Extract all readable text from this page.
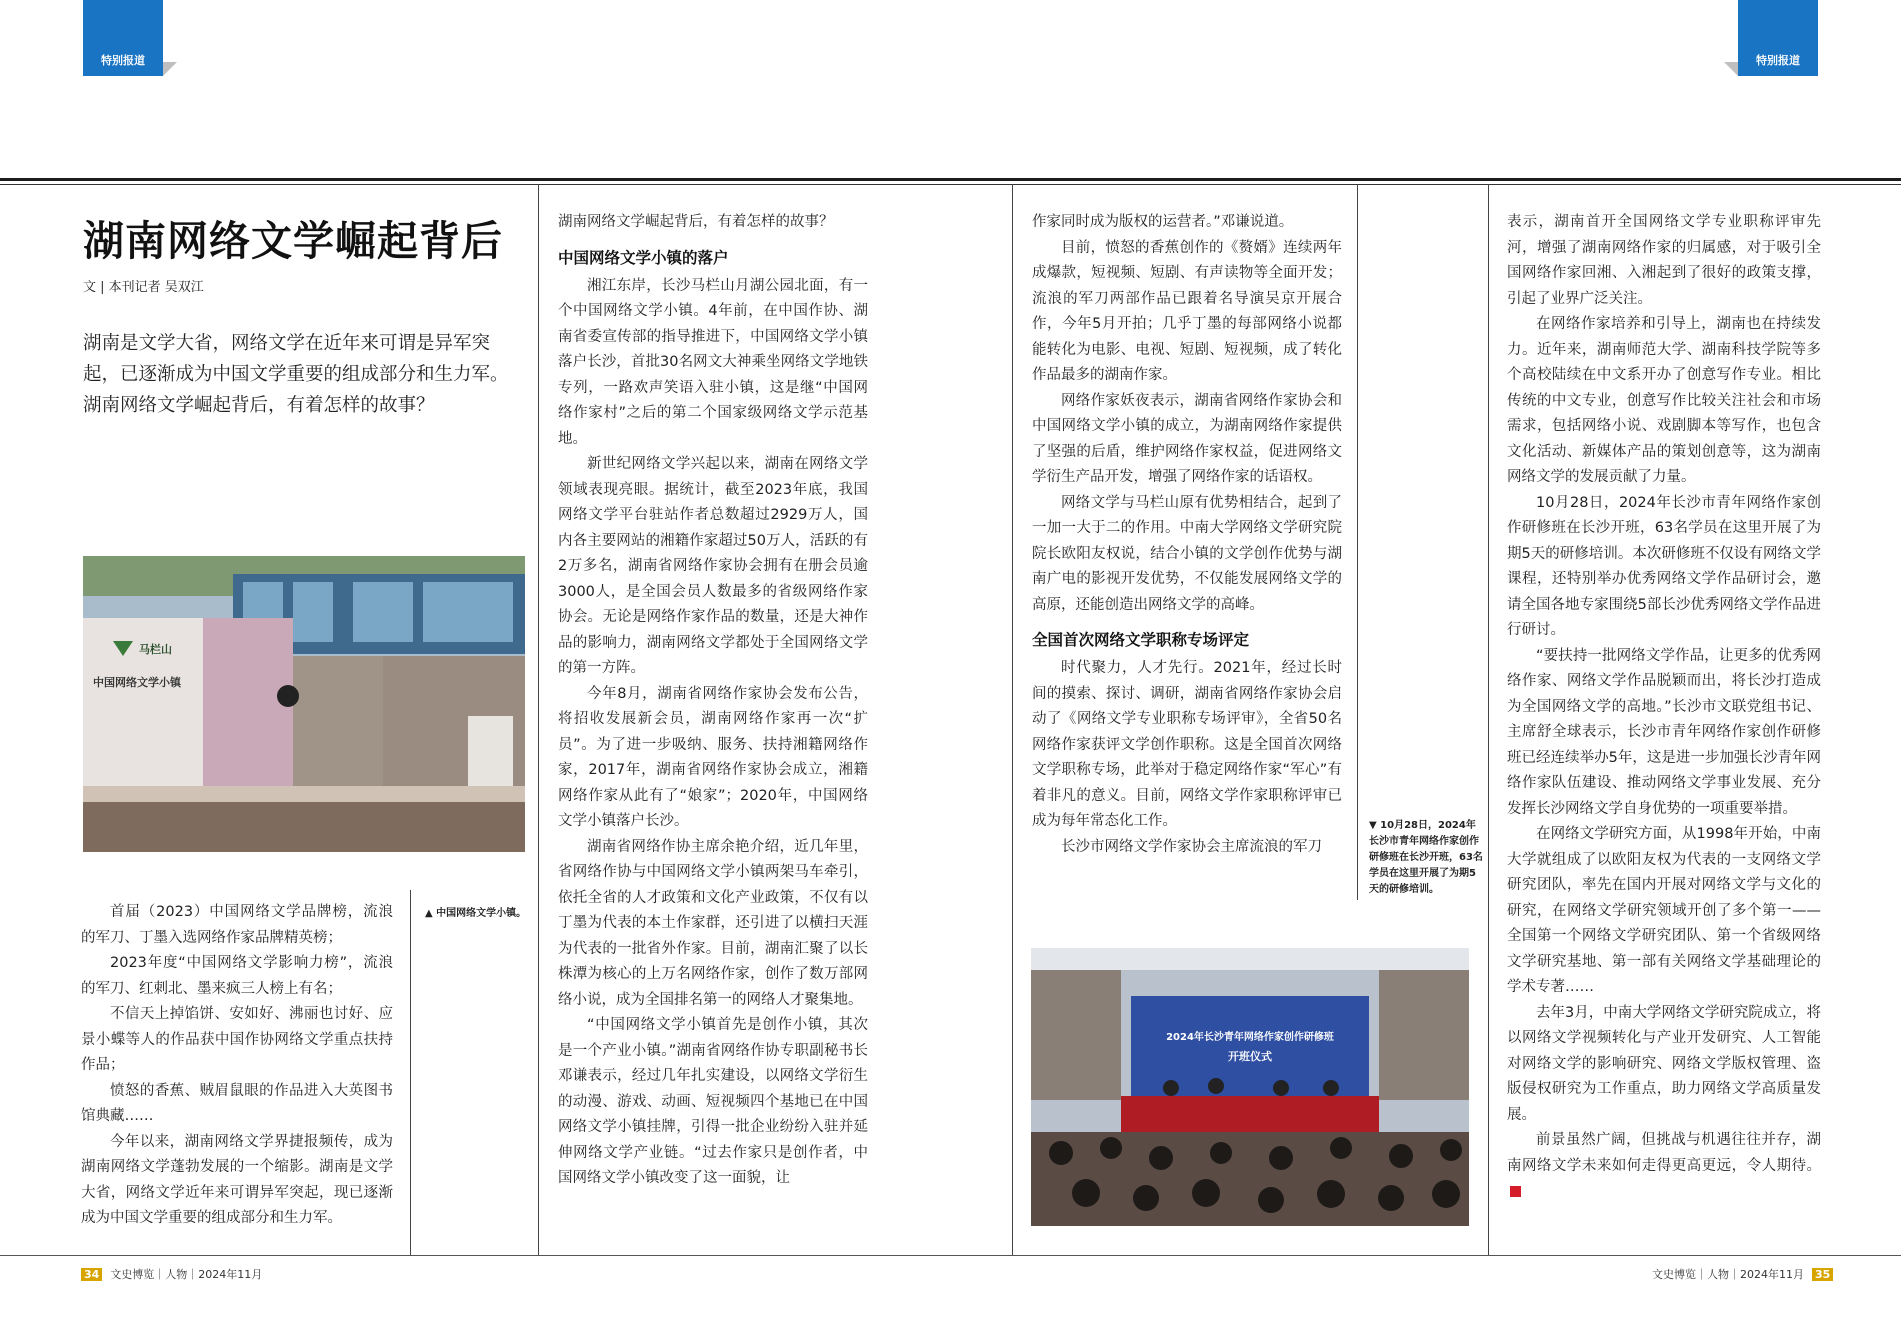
特别报道	特别报道
湖南网络文学崛起背后
文 | 本刊记者 吴双江
湖南是文学大省，网络文学在近年来可谓是异军突起，已逐渐成为中国文学重要的组成部分和生力军。湖南网络文学崛起背后，有着怎样的故事？
马栏山
中国网络文学小镇
▲ 中国网络文学小镇。
2024年长沙青年网络作家创作研修班
开班仪式
▼ 10月28日，2024年长沙市青年网络作家创作研修班在长沙开班，63名学员在这里开展了为期5天的研修培训。

首届（2023）中国网络文学品牌榜，流浪的军刀、丁墨入选网络作家品牌精英榜；

2023年度“中国网络文学影响力榜”，流浪的军刀、红刺北、墨来疯三人榜上有名；

不信天上掉馅饼、安如好、沸丽也讨好、应景小蝶等人的作品获中国作协网络文学重点扶持作品；

愤怒的香蕉、贼眉鼠眼的作品进入大英图书馆典藏……

今年以来，湖南网络文学界捷报频传，成为湖南网络文学蓬勃发展的一个缩影。湖南是文学大省，网络文学近年来可谓异军突起，现已逐渐成为中国文学重要的组成部分和生力军。

湖南网络文学崛起背后，有着怎样的故事？

中国网络文学小镇的落户

湘江东岸，长沙马栏山月湖公园北面，有一个中国网络文学小镇。4年前，在中国作协、湖南省委宣传部的指导推进下，中国网络文学小镇落户长沙，首批30名网文大神乘坐网络文学地铁专列，一路欢声笑语入驻小镇，这是继“中国网络作家村”之后的第二个国家级网络文学示范基地。

新世纪网络文学兴起以来，湖南在网络文学领域表现亮眼。据统计，截至2023年底，我国网络文学平台驻站作者总数超过2929万人，国内各主要网站的湘籍作家超过50万人，活跃的有2万多名，湖南省网络作家协会拥有在册会员逾3000人，是全国会员人数最多的省级网络作家协会。无论是网络作家作品的数量，还是大神作品的影响力，湖南网络文学都处于全国网络文学的第一方阵。

今年8月，湖南省网络作家协会发布公告，将招收发展新会员，湖南网络作家再一次“扩员”。为了进一步吸纳、服务、扶持湘籍网络作家，2017年，湖南省网络作家协会成立，湘籍网络作家从此有了“娘家”；2020年，中国网络文学小镇落户长沙。

湖南省网络作协主席余艳介绍，近几年里，省网络作协与中国网络文学小镇两架马车牵引，依托全省的人才政策和文化产业政策，不仅有以丁墨为代表的本土作家群，还引进了以横扫天涯为代表的一批省外作家。目前，湖南汇聚了以长株潭为核心的上万名网络作家，创作了数万部网络小说，成为全国排名第一的网络人才聚集地。

“中国网络文学小镇首先是创作小镇，其次是一个产业小镇。”湖南省网络作协专职副秘书长邓谦表示，经过几年扎实建设，以网络文学衍生的动漫、游戏、动画、短视频四个基地已在中国网络文学小镇挂牌，引得一批企业纷纷入驻并延伸网络文学产业链。“过去作家只是创作者，中国网络文学小镇改变了这一面貌，让

作家同时成为版权的运营者。”邓谦说道。

目前，愤怒的香蕉创作的《赘婿》连续两年成爆款，短视频、短剧、有声读物等全面开发；流浪的军刀两部作品已跟着名导演吴京开展合作，今年5月开拍；几乎丁墨的每部网络小说都能转化为电影、电视、短剧、短视频，成了转化作品最多的湖南作家。

网络作家妖夜表示，湖南省网络作家协会和中国网络文学小镇的成立，为湖南网络作家提供了坚强的后盾，维护网络作家权益，促进网络文学衍生产品开发，增强了网络作家的话语权。

网络文学与马栏山原有优势相结合，起到了一加一大于二的作用。中南大学网络文学研究院院长欧阳友权说，结合小镇的文学创作优势与湖南广电的影视开发优势，不仅能发展网络文学的高原，还能创造出网络文学的高峰。

全国首次网络文学职称专场评定

时代聚力，人才先行。2021年，经过长时间的摸索、探讨、调研，湖南省网络作家协会启动了《网络文学专业职称专场评审》，全省50名网络作家获评文学创作职称。这是全国首次网络文学职称专场，此举对于稳定网络作家“军心”有着非凡的意义。目前，网络文学作家职称评审已成为每年常态化工作。

长沙市网络文学作家协会主席流浪的军刀

表示，湖南首开全国网络文学专业职称评审先河，增强了湖南网络作家的归属感，对于吸引全国网络作家回湘、入湘起到了很好的政策支撑，引起了业界广泛关注。

在网络作家培养和引导上，湖南也在持续发力。近年来，湖南师范大学、湖南科技学院等多个高校陆续在中文系开办了创意写作专业。相比传统的中文专业，创意写作比较关注社会和市场需求，包括网络小说、戏剧脚本等写作，也包含文化活动、新媒体产品的策划创意等，这为湖南网络文学的发展贡献了力量。

10月28日，2024年长沙市青年网络作家创作研修班在长沙开班，63名学员在这里开展了为期5天的研修培训。本次研修班不仅设有网络文学课程，还特别举办优秀网络文学作品研讨会，邀请全国各地专家围绕5部长沙优秀网络文学作品进行研讨。

“要扶持一批网络文学作品，让更多的优秀网络作家、网络文学作品脱颖而出，将长沙打造成为全国网络文学的高地。”长沙市文联党组书记、主席舒全球表示，长沙市青年网络作家创作研修班已经连续举办5年，这是进一步加强长沙青年网络作家队伍建设、推动网络文学事业发展、充分发挥长沙网络文学自身优势的一项重要举措。

在网络文学研究方面，从1998年开始，中南大学就组成了以欧阳友权为代表的一支网络文学研究团队，率先在国内开展对网络文学与文化的研究，在网络文学研究领域开创了多个第一——全国第一个网络文学研究团队、第一个省级网络文学研究基地、第一部有关网络文学基础理论的学术专著……

去年3月，中南大学网络文学研究院成立，将以网络文学视频转化与产业开发研究、人工智能对网络文学的影响研究、网络文学版权管理、盗版侵权研究为工作重点，助力网络文学高质量发展。

前景虽然广阔，但挑战与机遇往往并存，湖南网络文学未来如何走得更高更远，令人期待。

34 文史博览｜人物｜2024年11月	文史博览｜人物｜2024年11月 35
